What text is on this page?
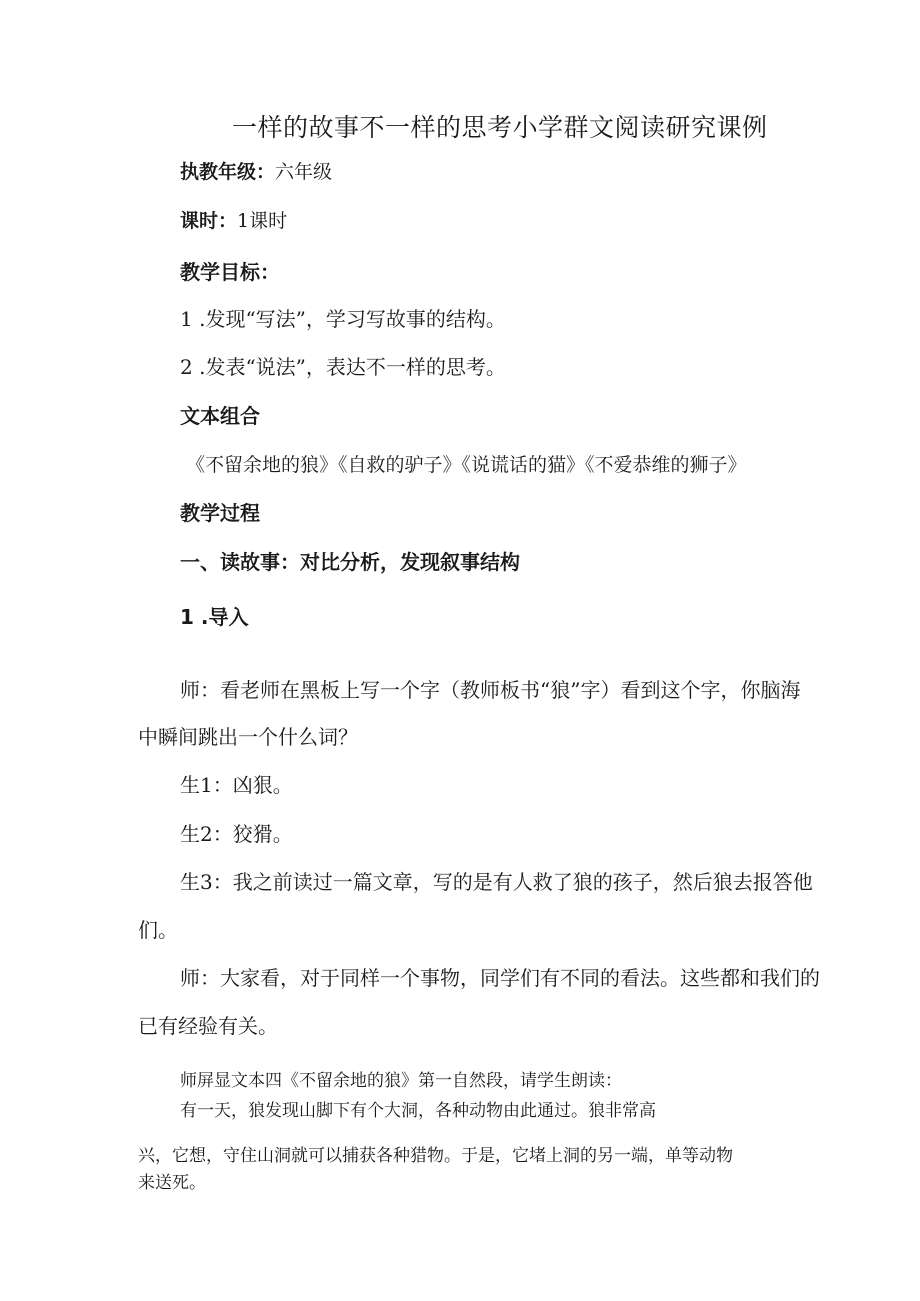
一样的故事不一样的思考小学群文阅读研究课例
执教年级：六年级
课时：1课时
教学目标：
1 .发现“写法”，学习写故事的结构。
2 .发表“说法”，表达不一样的思考。
文本组合
《不留余地的狼》《自救的驴子》《说谎话的猫》《不爱恭维的狮子》
教学过程
一、读故事：对比分析，发现叙事结构
1 .导入
师：看老师在黑板上写一个字（教师板书“狼”字）看到这个字，你脑海
中瞬间跳出一个什么词？
生1：凶狠。
生2：狡猾。
生3：我之前读过一篇文章，写的是有人救了狼的孩子，然后狼去报答他
们。
师：大家看，对于同样一个事物，同学们有不同的看法。这些都和我们的
已有经验有关。
师屏显文本四《不留余地的狼》第一自然段，请学生朗读：
有一天，狼发现山脚下有个大洞，各种动物由此通过。狼非常高
兴，它想，守住山洞就可以捕获各种猎物。于是，它堵上洞的另一端，单等动物
来送死。
